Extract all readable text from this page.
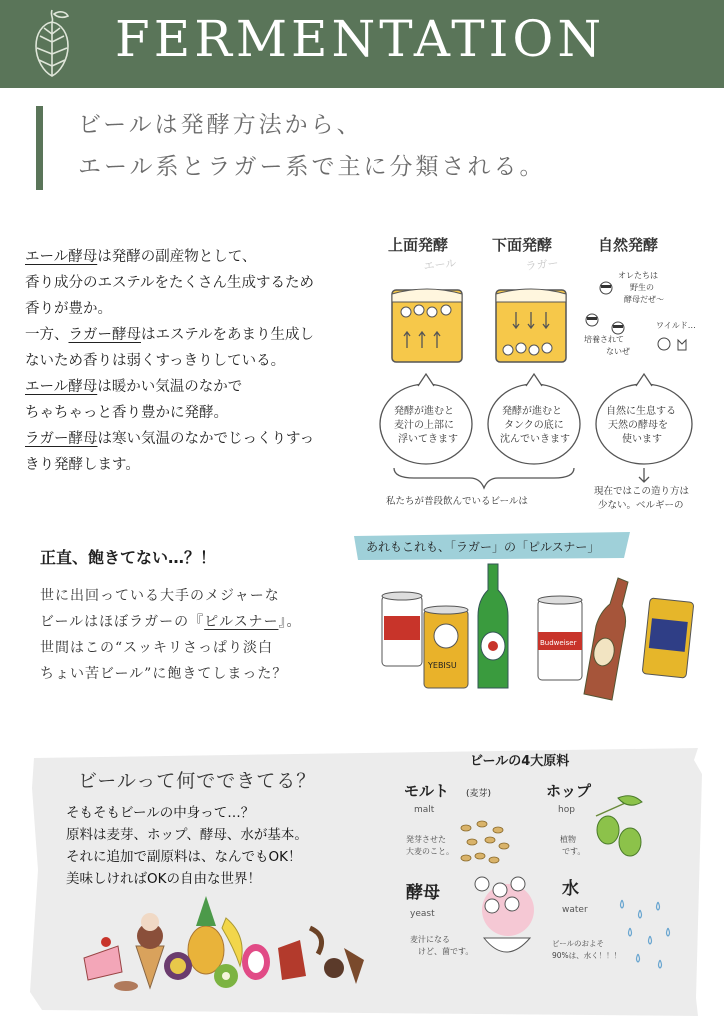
FERMENTATION
ビールは発酵方法から、
エール系とラガー系で主に分類される。
エール酵母は発酵の副産物として、
香り成分のエステルをたくさん生成するため
香りが豊か。
一方、ラガー酵母はエステルをあまり生成し
ないため香りは弱くすっきりしている。
エール酵母は暖かい気温のなかで
ちゃちゃっと香り豊かに発酵。
ラガー酵母は寒い気温のなかでじっくりすっ
きり発酵します。
上面発酵
エール
下面発酵
ラガー
自然発酵
オレたちは
野生の
酵母だぜ～
培養されて
ないぜ
ワイルド…
発酵が進むと
麦汁の上部に
浮いてきます
発酵が進むと
タンクの底に
沈んでいきます
自然に生息する
天然の酵母を
使います
私たちが普段飲んでいるビールは
現在ではこの造り方は
少ない。ベルギーの
正直、飽きてない…？！
世に出回っている大手のメジャーな
ビールはほぼラガーの『ピルスナー』。
世間はこの“スッキリさっぱり淡白
ちょい苦ビール”に飽きてしまった？
あれもこれも、「ラガー」の「ピルスナー」
YEBISU
Budweiser
ビールって何でできてる？
そもそもビールの中身って…？
原料は麦芽、ホップ、酵母、水が基本。
それに追加で副原料は、なんでもOK！
美味しければOKの自由な世界！
ビールの4大原料
モルト (麦芽)
malt
発芽させた
大麦のこと。
ホップ
hop
植物
です。
酵母
yeast
麦汁になる
けど、菌です。
水
water
ビールのおよそ
90%は、水く！！！
